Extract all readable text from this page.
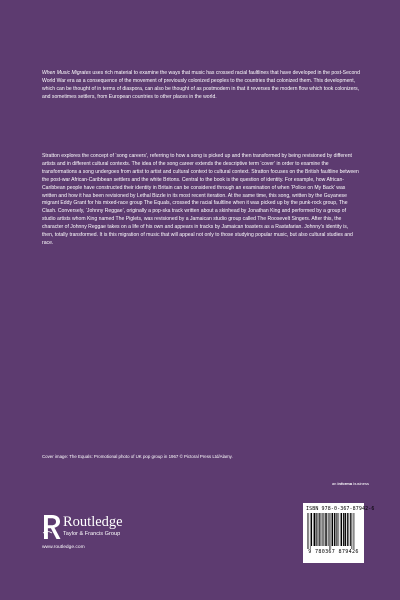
When Music Migrates uses rich material to examine the ways that music has crossed racial faultlines that have developed in the post-Second World War era as a consequence of the movement of previously colonized peoples to the countries that colonized them. This development, which can be thought of in terms of diaspora, can also be thought of as postmodern in that it reverses the modern flow which took colonizers, and sometimes settlers, from European countries to other places in the world.

Stratton explores the concept of ‘song careers’, referring to how a song is picked up and then transformed by being revisioned by different artists and in different cultural contexts. The idea of the song career extends the descriptive term ‘cover’ in order to examine the transformations a song undergoes from artist to artist and cultural context to cultural context. Stratton focuses on the British faultline between the post-war African-Caribbean settlers and the white Britons. Central to the book is the question of identity. For example, how African-Caribbean people have constructed their identity in Britain can be considered through an examination of when ‘Police on My Back’ was written and how it has been revisioned by Lethal Bizzle in its most recent iteration. At the same time, this song, written by the Guyanese migrant Eddy Grant for his mixed-race group The Equals, crossed the racial faultline when it was picked up by the punk-rock group, The Clash. Conversely, ‘Johnny Reggae’, originally a pop-ska track written about a skinhead by Jonathan King and performed by a group of studio artists whom King named The Piglets, was revisioned by a Jamaican studio group called The Roosevelt Singers. After this, the character of Johnny Reggae takes on a life of his own and appears in tracks by Jamaican toasters as a Rastafarian. Johnny’s identity is, then, totally transformed. It is this migration of music that will appeal not only to those studying popular music, but also cultural studies and race.

Cover image: The Equals: Promotional photo of UK pop group in 1967 © Pictoral Press Ltd/Alamy.
an informa business
ISBN 978-0-367-87942-6
9 780367 879426
Routledge
Taylor & Francis Group
www.routledge.com
